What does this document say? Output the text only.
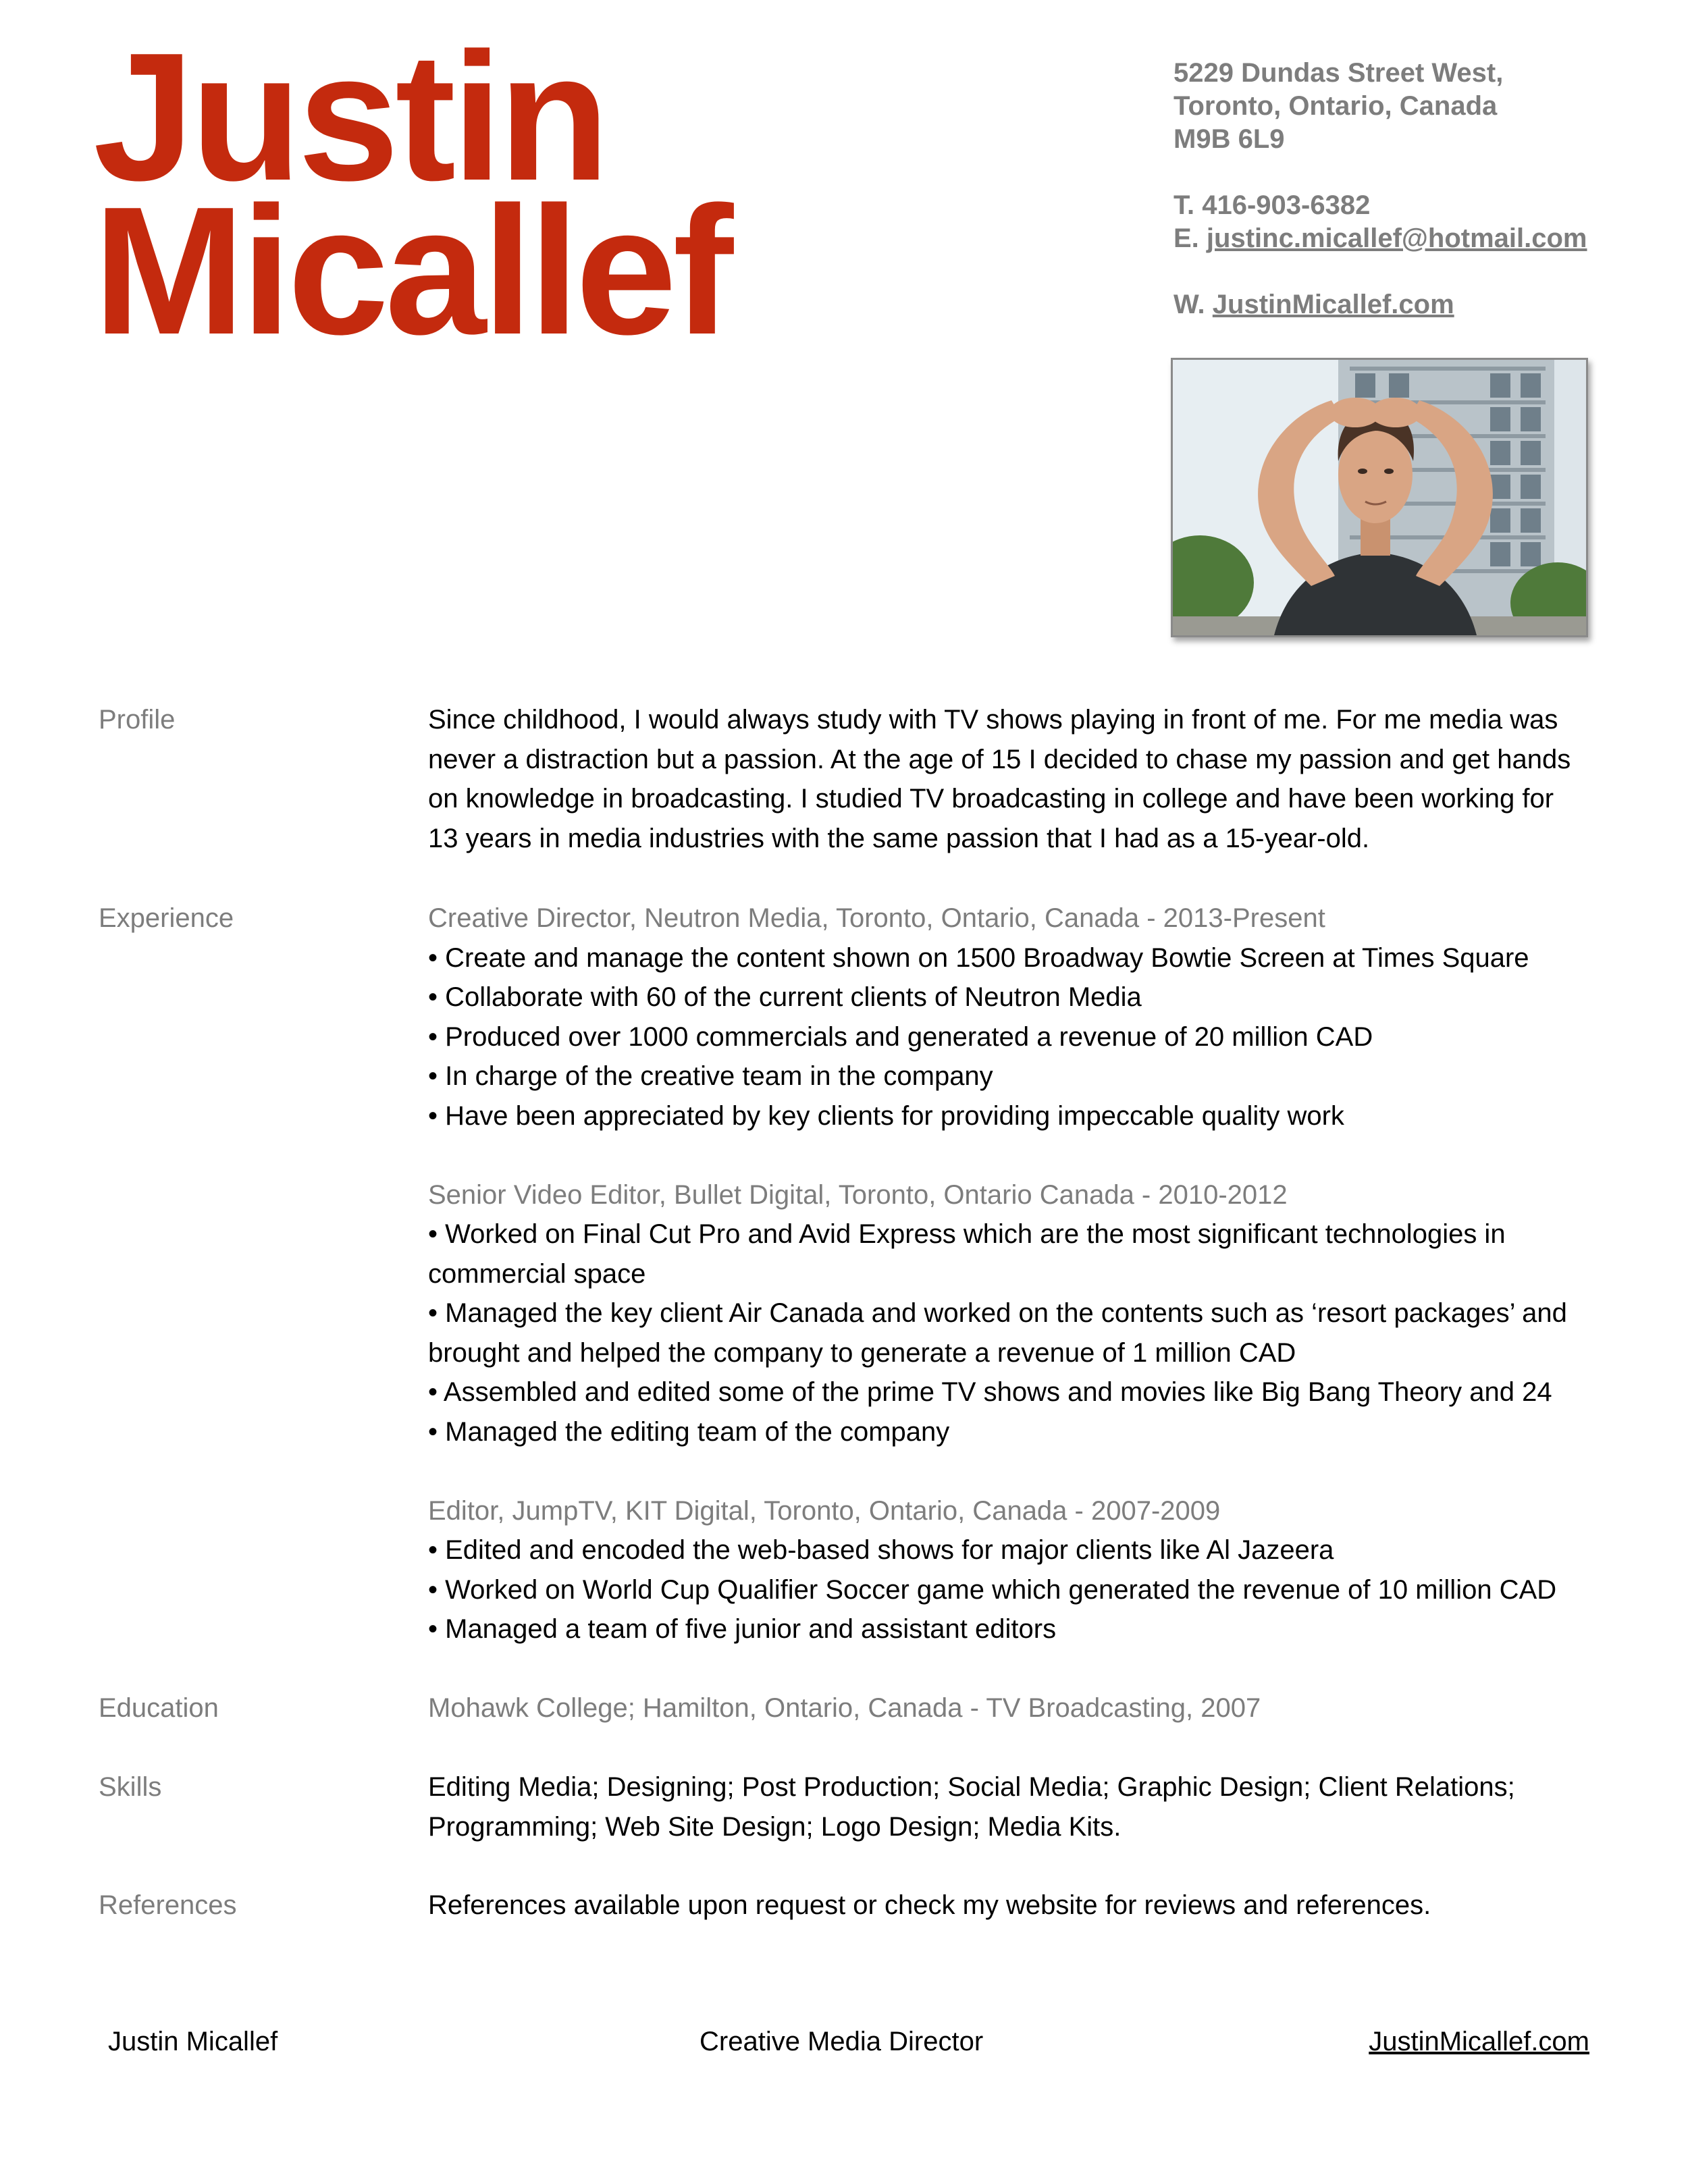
Justin
Micallef
5229 Dundas Street West,
Toronto, Ontario, Canada
M9B 6L9
T. 416-903-6382
E. justinc.micallef@hotmail.com
W. JustinMicallef.com
Profile	Since childhood, I would always study with TV shows playing in front of me. For me media was never a distraction but a passion. At the age of 15 I decided to chase my passion and get hands on knowledge in broadcasting. I studied TV broadcasting in college and have been working for 13 years in media industries with the same passion that I had as a 15-year-old.
Experience	Creative Director, Neutron Media, Toronto, Ontario, Canada - 2013-Present

• Create and manage the content shown on 1500 Broadway Bowtie Screen at Times Square

• Collaborate with 60 of the current clients of Neutron Media

• Produced over 1000 commercials and generated a revenue of 20 million CAD

• In charge of the creative team in the company

• Have been appreciated by key clients for providing impeccable quality work

Senior Video Editor, Bullet Digital, Toronto, Ontario Canada - 2010-2012

• Worked on Final Cut Pro and Avid Express which are the most significant technologies in commercial space

• Managed the key client Air Canada and worked on the contents such as ‘resort packages’ and brought and helped the company to generate a revenue of 1 million CAD

• Assembled and edited some of the prime TV shows and movies like Big Bang Theory and 24

• Managed the editing team of the company

Editor, JumpTV, KIT Digital, Toronto, Ontario, Canada - 2007-2009

• Edited and encoded the web-based shows for major clients like Al Jazeera

• Worked on World Cup Qualifier Soccer game which generated the revenue of 10 million CAD

• Managed a team of five junior and assistant editors

Education	Mohawk College; Hamilton, Ontario, Canada - TV Broadcasting, 2007
Skills	Editing Media; Designing; Post Production; Social Media; Graphic Design; Client Relations; Programming; Web Site Design; Logo Design; Media Kits.
References	References available upon request or check my website for reviews and references.
Justin Micallef	Creative Media Director	JustinMicallef.com
